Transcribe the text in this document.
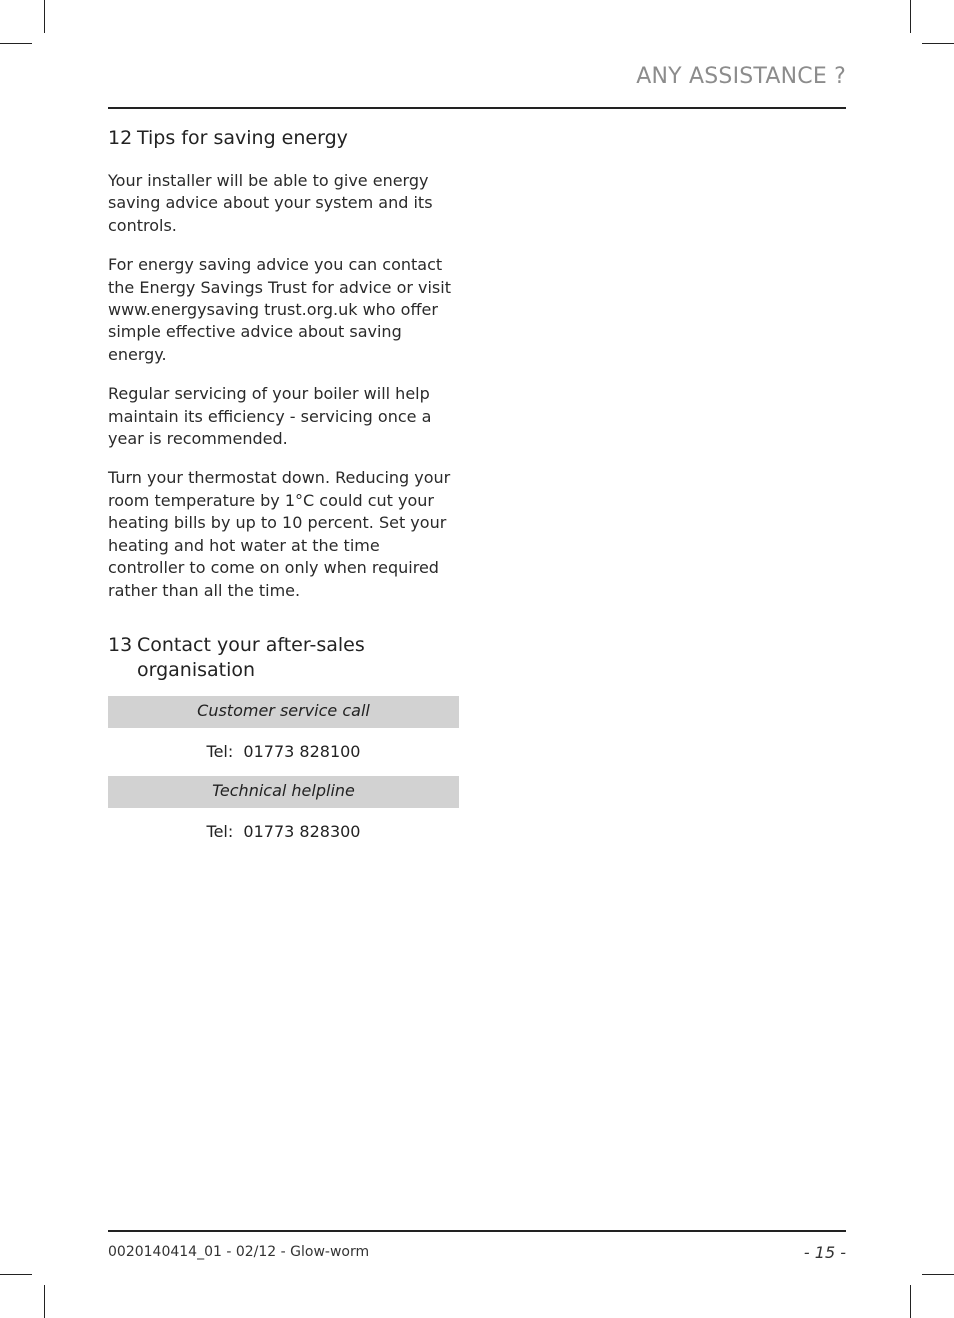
ANY ASSISTANCE ?
12 Tips for saving energy

Your installer will be able to give energy saving advice about your system and its controls.

For energy saving advice you can contact the Energy Savings Trust for advice or visit www.energysaving trust.org.uk who offer simple effective advice about saving energy.

Regular servicing of your boiler will help maintain its efficiency - servicing once a year is recommended.

Turn your thermostat down. Reducing your room temperature by 1°C could cut your heating bills by up to 10 percent. Set your heating and hot water at the time controller to come on only when required rather than all the time.

13 Contact your after-sales organisation
Customer service call
Tel:  01773 828100
Technical helpline
Tel:  01773 828300
0020140414_01 - 02/12 - Glow-worm	- 15 -
